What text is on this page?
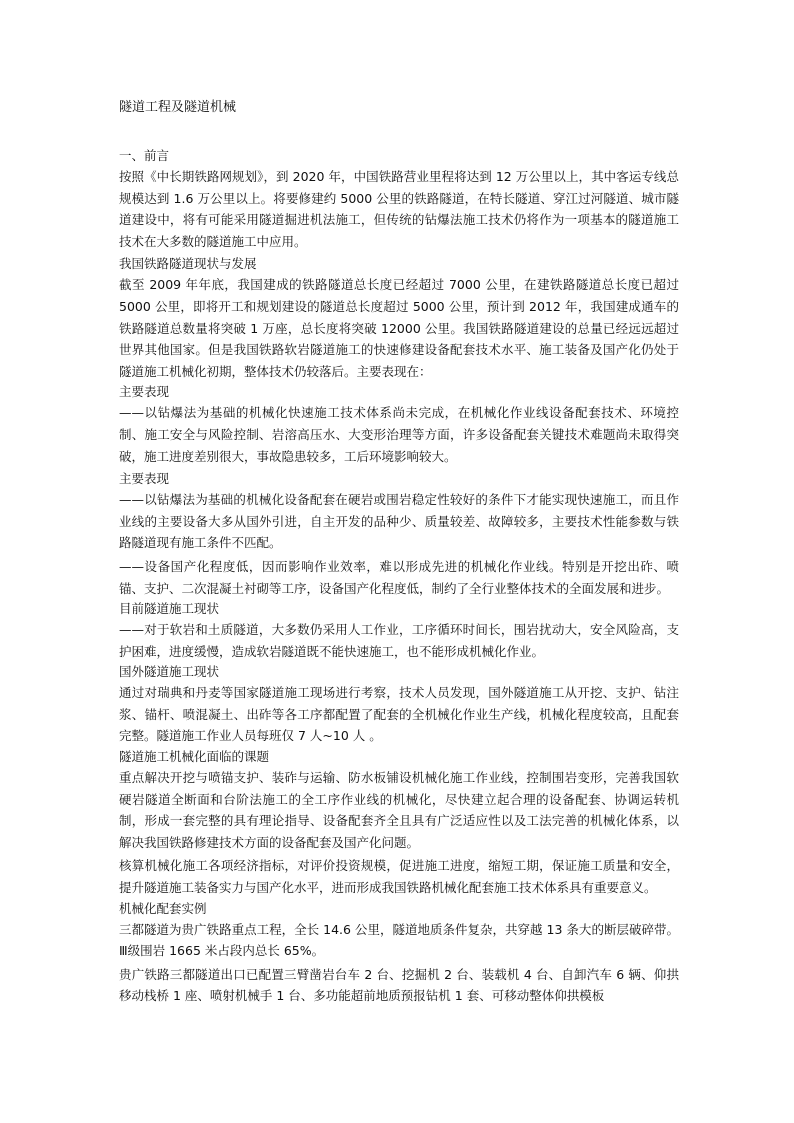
隧道工程及隧道机械
一、前言

按照《中长期铁路网规划》，到 2020 年，中国铁路营业里程将达到 12 万公里以上，其中客运专线总规模达到 1.6 万公里以上。将要修建约 5000 公里的铁路隧道，在特长隧道、穿江过河隧道、城市隧道建设中，将有可能采用隧道掘进机法施工，但传统的钻爆法施工技术仍将作为一项基本的隧道施工技术在大多数的隧道施工中应用。

我国铁路隧道现状与发展

截至 2009 年年底，我国建成的铁路隧道总长度已经超过 7000 公里，在建铁路隧道总长度已超过 5000 公里，即将开工和规划建设的隧道总长度超过 5000 公里，预计到 2012 年，我国建成通车的铁路隧道总数量将突破 1 万座，总长度将突破 12000 公里。我国铁路隧道建设的总量已经远远超过世界其他国家。但是我国铁路软岩隧道施工的快速修建设备配套技术水平、施工装备及国产化仍处于隧道施工机械化初期，整体技术仍较落后。主要表现在：

主要表现

——以钻爆法为基础的机械化快速施工技术体系尚未完成，在机械化作业线设备配套技术、环境控制、施工安全与风险控制、岩溶高压水、大变形治理等方面，许多设备配套关键技术难题尚未取得突破，施工进度差别很大，事故隐患较多，工后环境影响较大。

主要表现

——以钻爆法为基础的机械化设备配套在硬岩或围岩稳定性较好的条件下才能实现快速施工，而且作业线的主要设备大多从国外引进，自主开发的品种少、质量较差、故障较多，主要技术性能参数与铁路隧道现有施工条件不匹配。

——设备国产化程度低，因而影响作业效率，难以形成先进的机械化作业线。特别是开挖出砟、喷锚、支护、二次混凝土衬砌等工序，设备国产化程度低，制约了全行业整体技术的全面发展和进步。

目前隧道施工现状

——对于软岩和土质隧道，大多数仍采用人工作业，工序循环时间长，围岩扰动大，安全风险高，支护困难，进度缓慢，造成软岩隧道既不能快速施工，也不能形成机械化作业。

国外隧道施工现状

通过对瑞典和丹麦等国家隧道施工现场进行考察，技术人员发现，国外隧道施工从开挖、支护、钻注浆、锚杆、喷混凝土、出砟等各工序都配置了配套的全机械化作业生产线，机械化程度较高，且配套完整。隧道施工作业人员每班仅 7 人~10 人 。

隧道施工机械化面临的课题

重点解决开挖与喷锚支护、装砟与运输、防水板铺设机械化施工作业线，控制围岩变形，完善我国软硬岩隧道全断面和台阶法施工的全工序作业线的机械化，尽快建立起合理的设备配套、协调运转机制，形成一套完整的具有理论指导、设备配套齐全且具有广泛适应性以及工法完善的机械化体系，以解决我国铁路修建技术方面的设备配套及国产化问题。

核算机械化施工各项经济指标，对评价投资规模，促进施工进度，缩短工期，保证施工质量和安全，提升隧道施工装备实力与国产化水平，进而形成我国铁路机械化配套施工技术体系具有重要意义。

机械化配套实例

三都隧道为贵广铁路重点工程，全长 14.6 公里，隧道地质条件复杂，共穿越 13 条大的断层破碎带。 Ⅲ级围岩 1665 米占段内总长 65%。

贵广铁路三都隧道出口已配置三臂凿岩台车 2 台、挖掘机 2 台、装载机 4 台、自卸汽车 6 辆、仰拱移动栈桥 1 座、喷射机械手 1 台、多功能超前地质预报钻机 1 套、可移动整体仰拱模板
